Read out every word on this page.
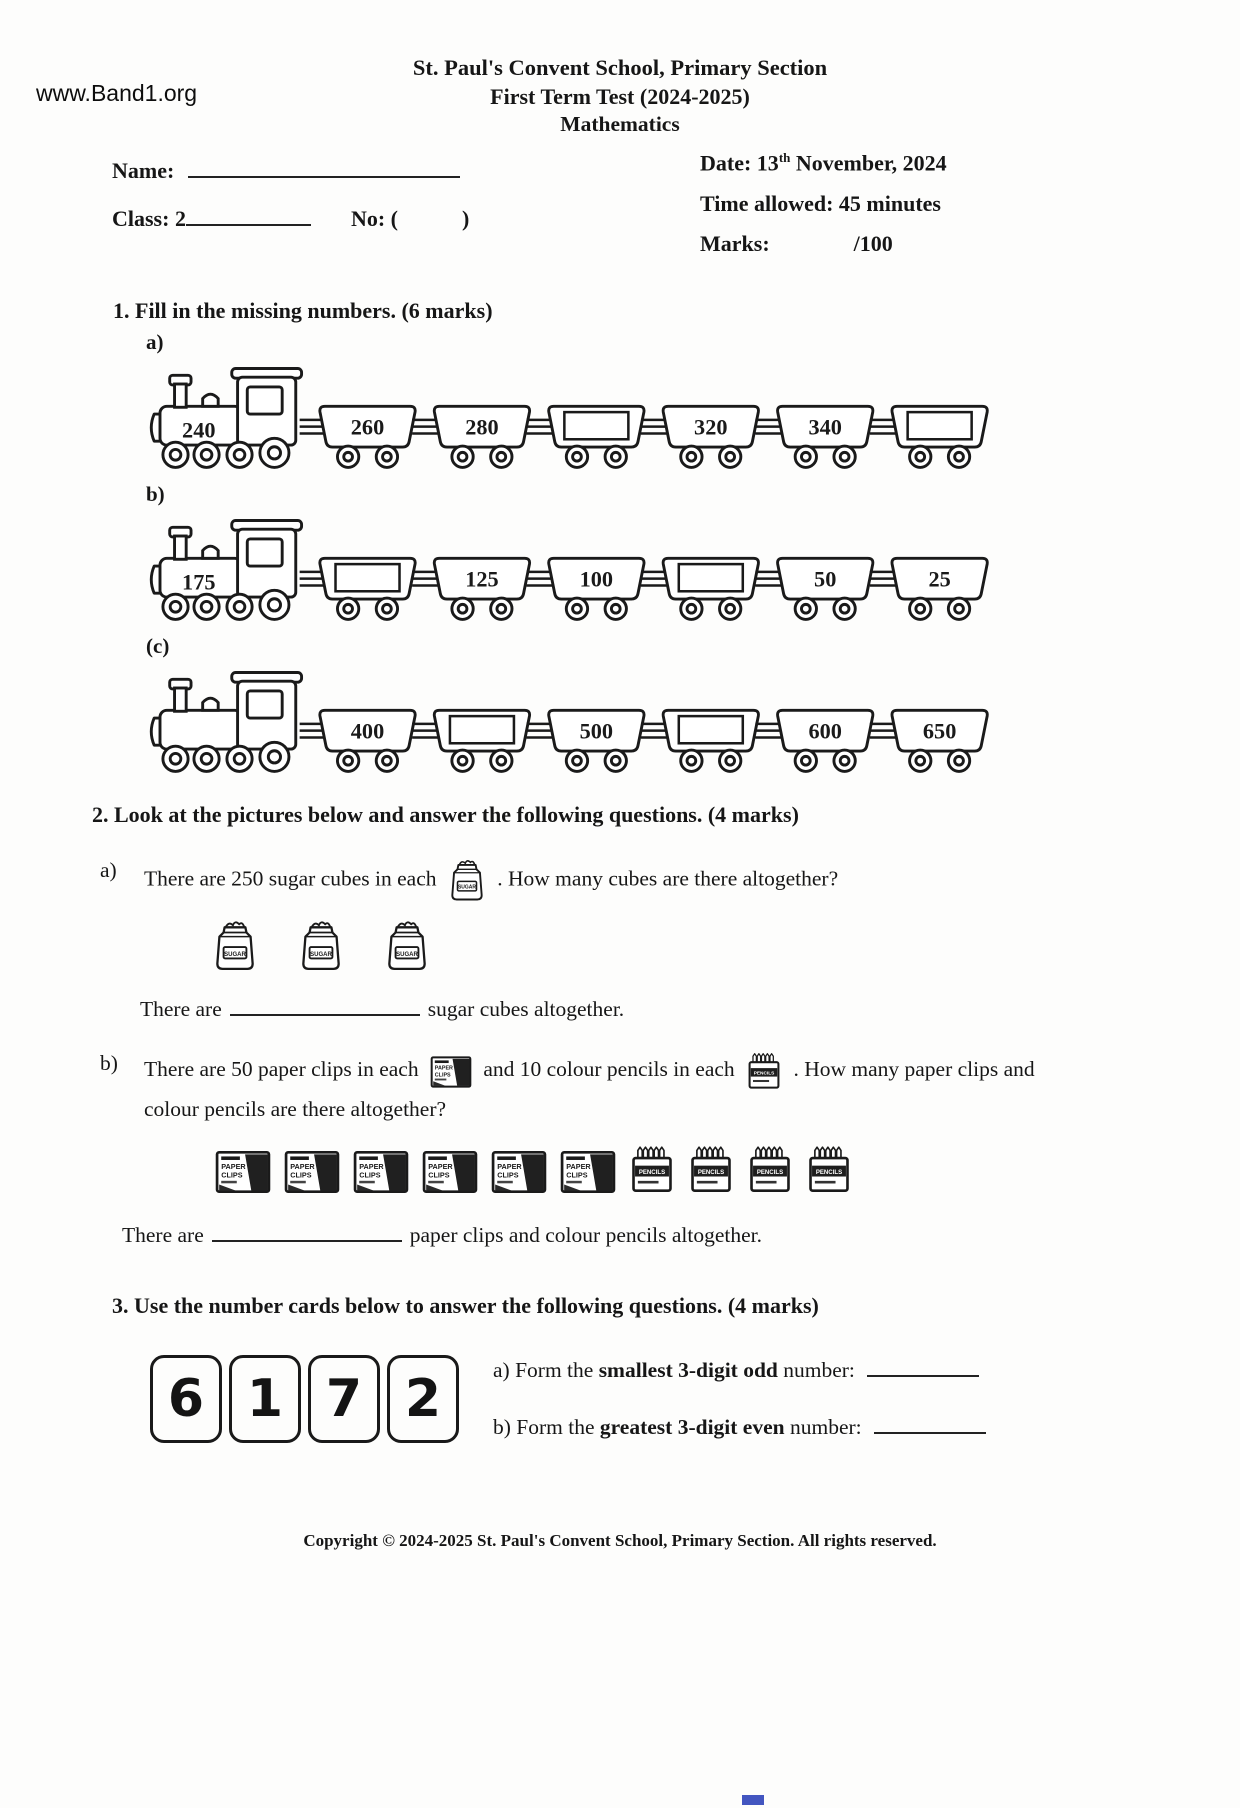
www.Band1.org
St. Paul's Convent School, Primary Section
First Term Test (2024-2025)
Mathematics
Name:
Class: 2	No: (	)
Date: 13th November, 2024
Time allowed: 45 minutes
Marks:	/100
1. Fill in the missing numbers. (6 marks)
a)
240	260	280	320	340
b)
175	125	100	50	25
(c)
400	500	600	650
2. Look at the pictures below and answer the following questions. (4 marks)
a)	There are 250 sugar cubes in each	SUGAR . How many cubes are there altogether?
SUGAR	SUGAR	SUGAR
There are	sugar cubes altogether.
b)	There are 50 paper clips in each PAPER
CLIPS and 10 colour pencils in each	PENCILS . How many paper clips and colour pencils are there altogether?
PAPER
CLIPS
PAPER
CLIPS
PAPER
CLIPS
PAPER
CLIPS
PAPER
CLIPS
PAPER
CLIPS	PENCILS	PENCILS	PENCILS	PENCILS
There are	paper clips and colour pencils altogether.
3. Use the number cards below to answer the following questions. (4 marks)
6 1 7 2	a) Form the smallest 3-digit odd number:
b) Form the greatest 3-digit even number:
Copyright © 2024-2025 St. Paul's Convent School, Primary Section. All rights reserved.
